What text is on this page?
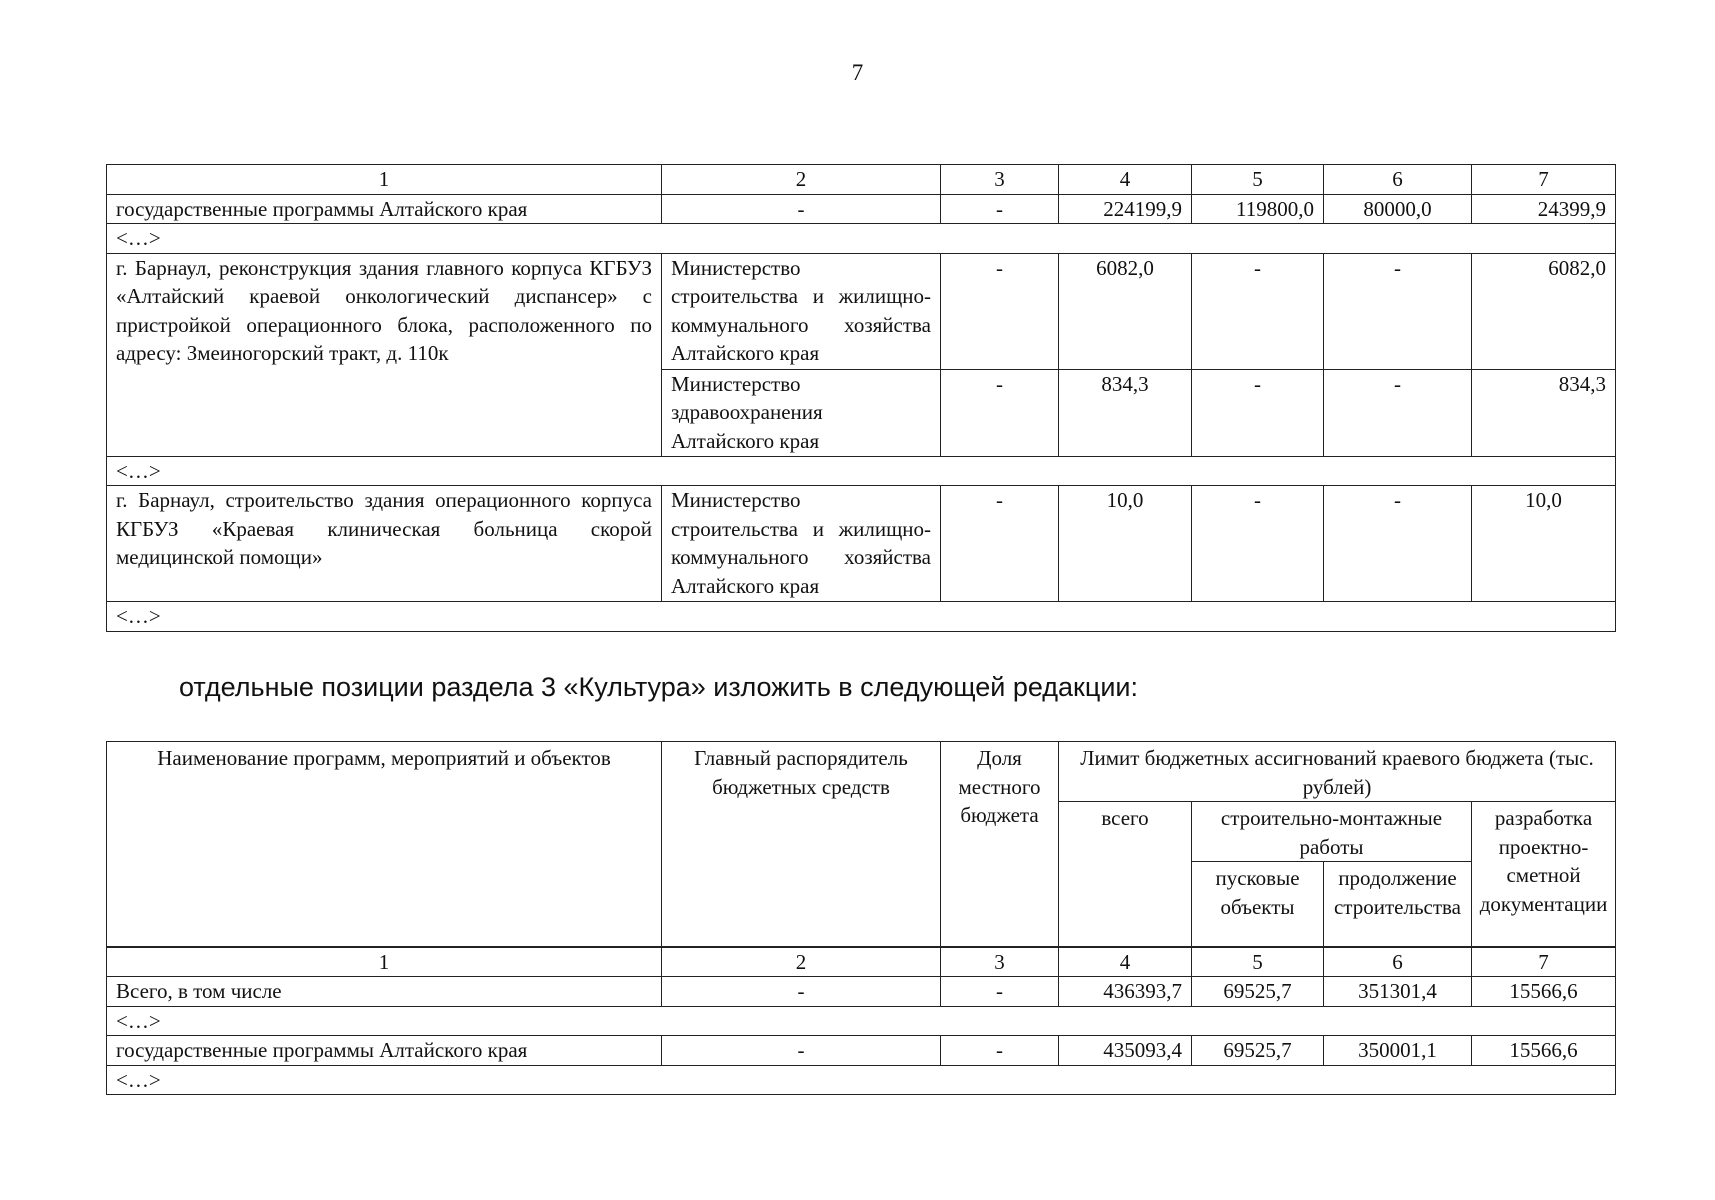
7
1	2	3	4	5	6	7
государственные программы Алтайского края	-	-	224199,9	119800,0	80000,0	24399,9
<…>						
г. Барнаул, реконструкция здания главного корпуса КГБУЗ «Алтайский краевой онкологический диспансер» с пристройкой операционного блока, расположенного по адресу: Змеиногорский тракт, д. 110к	Министерство строительства и жилищно-коммунального хозяйства Алтайского края	-	6082,0	-	-	6082,0
	Министерство здравоохранения Алтайского края	-	834,3	-	-	834,3
<…>						
г. Барнаул, строительство здания операционного корпуса КГБУЗ «Краевая клиническая больница скорой медицинской помощи»	Министерство строительства и жилищно-коммунального хозяйства Алтайского края	-	10,0	-	-	10,0
<…>						
отдельные позиции раздела 3 «Культура» изложить в следующей редакции:
Наименование программ, мероприятий и объектов	Главный распорядитель бюджетных средств	Доля местного бюджета	Лимит бюджетных ассигнований краевого бюджета (тыс. рублей)			
			всего	строительно-монтажные работы		разработка проектно-сметной документации
				пусковые объекты	продолжение строительства	

1	2	3	4	5	6	7
Всего, в том числе	-	-	436393,7	69525,7	351301,4	15566,6
<…>						
государственные программы Алтайского края	-	-	435093,4	69525,7	350001,1	15566,6
<…>						
